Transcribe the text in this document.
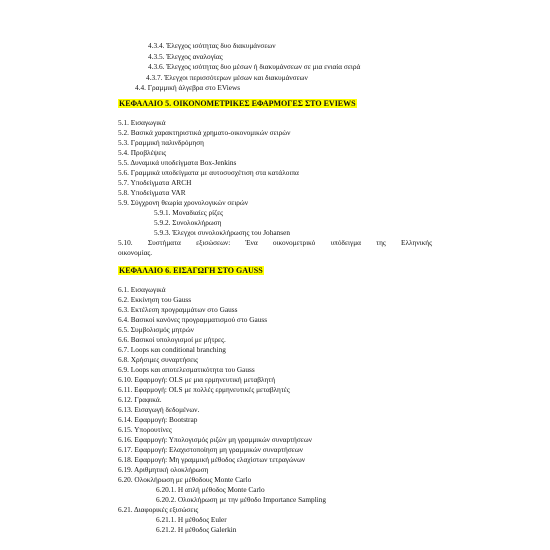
4.3.4. Έλεγχος ισότητας δυο διακυμάνσεων
4.3.5. Έλεγχος αναλογίας
4.3.6. Έλεγχος ισότητας δυο μέσων ή διακυμάνσεων σε μια ενιαία σειρά
4.3.7. Έλεγχοι περισσότερων μέσων και διακυμάνσεων
4.4. Γραμμική άλγεβρα στο EViews
ΚΕΦΑΛΑΙΟ 5. ΟΙΚΟΝΟΜΕΤΡΙΚΕΣ ΕΦΑΡΜΟΓΕΣ ΣΤΟ EVIEWS
5.1. Εισαγωγικά
5.2. Βασικά χαρακτηριστικά χρηματο-οικονομικών σειρών
5.3. Γραμμική παλινδρόμηση
5.4. Προβλέψεις
5.5. Δυναμικά υποδείγματα Box-Jenkins
5.6. Γραμμικά υποδείγματα με αυτοσυσχέτιση στα κατάλοιπα
5.7. Υποδείγματα ARCH
5.8. Υποδείγματα VAR
5.9. Σύγχρονη θεωρία χρονολογικών σειρών
5.9.1. Μοναδιαίες ρίζες
5.9.2. Συνολοκλήρωση
5.9.3. Έλεγχοι συνολοκλήρωσης του Johansen
5.10. Συστήματα εξισώσεων: Ένα οικονομετρικό υπόδειγμα της Ελληνικής
οικονομίας.
ΚΕΦΑΛΑΙΟ 6. ΕΙΣΑΓΩΓΗ ΣΤΟ GAUSS
6.1. Εισαγωγικά
6.2. Εκκίνηση του Gauss
6.3. Εκτέλεση προγραμμάτων στο Gauss
6.4. Βασικοί κανόνες προγραμματισμού στο Gauss
6.5. Συμβολισμός μητρών
6.6. Βασικοί υπολογισμοί με μήτρες.
6.7. Loops και conditional branching
6.8. Χρήσιμες συναρτήσεις
6.9. Loops και αποτελεσματικότητα του Gauss
6.10. Εφαρμογή: OLS με μια ερμηνευτική μεταβλητή
6.11. Εφαρμογή: OLS με πολλές ερμηνευτικές μεταβλητές
6.12. Γραφικά.
6.13. Εισαγωγή δεδομένων.
6.14. Εφαρμογή: Bootstrap
6.15. Υπορουτίνες
6.16. Εφαρμογή: Υπολογισμός ριζών μη γραμμικών συναρτήσεων
6.17. Εφαρμογή: Ελαχιστοποίηση μη γραμμικών συναρτήσεων
6.18. Εφαρμογή: Μη γραμμική μέθοδος ελαχίστων τετραγώνων
6.19. Αριθμητική ολοκλήρωση
6.20. Ολοκλήρωση με μέθοδους Monte Carlo
6.20.1. Η απλή μέθοδος Monte Carlo
6.20.2. Ολοκλήρωση με την μέθοδο Importance Sampling
6.21. Διαφορικές εξισώσεις
6.21.1. Η μέθοδος Euler
6.21.2. Η μέθοδος Galerkin
